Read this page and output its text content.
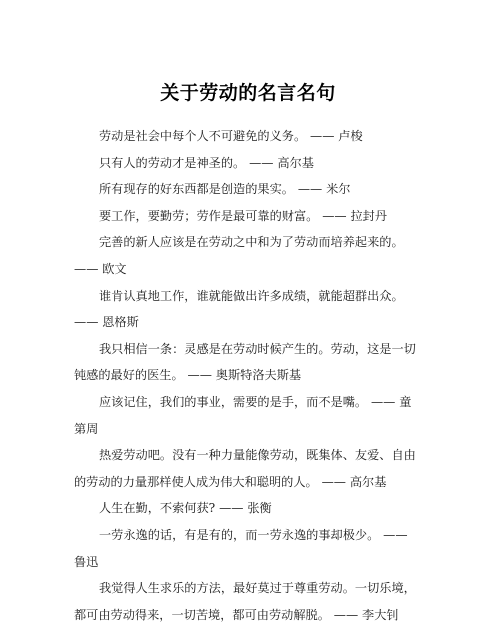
关于劳动的名言名句

劳动是社会中每个人不可避免的义务。 —— 卢梭

只有人的劳动才是神圣的。 —— 高尔基

所有现存的好东西都是创造的果实。 —— 米尔

要工作，要勤劳；劳作是最可靠的财富。 —— 拉封丹

完善的新人应该是在劳动之中和为了劳动而培养起来的。 —— 欧文

谁肯认真地工作，谁就能做出许多成绩，就能超群出众。—— 恩格斯

我只相信一条：灵感是在劳动时候产生的。劳动，这是一切钝感的最好的医生。 —— 奥斯特洛夫斯基

应该记住，我们的事业，需要的是手，而不是嘴。 —— 童第周

热爱劳动吧。没有一种力量能像劳动，既集体、友爱、自由的劳动的力量那样使人成为伟大和聪明的人。 —— 高尔基

人生在勤，不索何获? —— 张衡

一劳永逸的话，有是有的，而一劳永逸的事却极少。 —— 鲁迅

我觉得人生求乐的方法，最好莫过于尊重劳动。一切乐境，都可由劳动得来，一切苦境，都可由劳动解脱。 —— 李大钊
